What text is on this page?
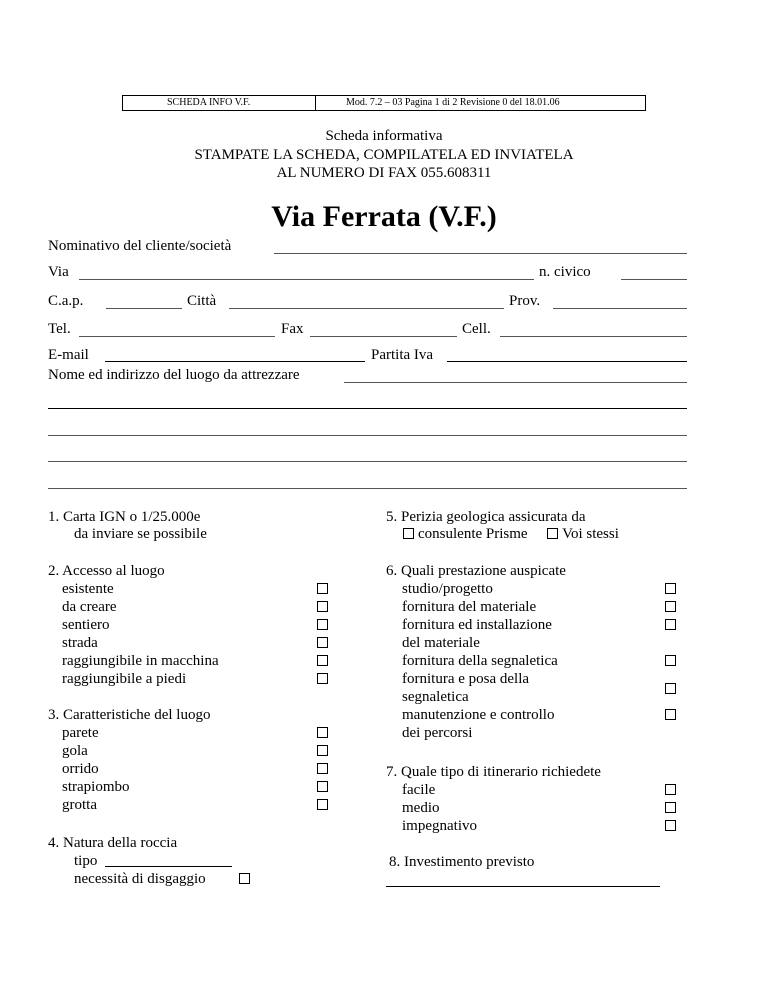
SCHEDA INFO V.F.	Mod. 7.2 – 03 Pagina 1 di 2 Revisione 0 del 18.01.06
Scheda informativa
STAMPATE LA SCHEDA, COMPILATELA ED INVIATELA
AL NUMERO DI FAX 055.608311
Via Ferrata (V.F.)
Nominativo del cliente/società
Via	n. civico
C.a.p.	Città	Prov.
Tel.	Fax	Cell.
E-mail	Partita Iva
Nome ed indirizzo del luogo da attrezzare
1. Carta IGN o 1/25.000e
da inviare se possibile
2. Accesso al luogo
esistente
da creare
sentiero
strada
raggiungibile in macchina
raggiungibile a piedi
3. Caratteristiche del luogo
parete
gola
orrido
strapiombo
grotta
4. Natura della roccia
tipo
necessità di disgaggio
5. Perizia geologica assicurata da
consulente Prisme Voi stessi
6. Quali prestazione auspicate
studio/progetto
fornitura del materiale
fornitura ed installazione
del materiale
fornitura della segnaletica
fornitura e posa della
segnaletica
manutenzione e controllo
dei percorsi
7. Quale tipo di itinerario richiedete
facile
medio
impegnativo
8. Investimento previsto
